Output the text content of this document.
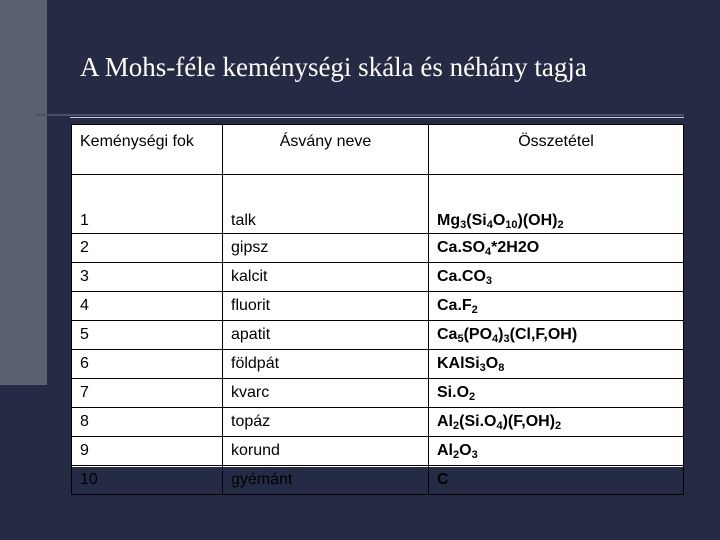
A Mohs-féle keménységi skála és néhány tagja
Keménységi fok	Ásvány neve	Összetétel
1	talk	$Mg_3(Si_4O_{10})(OH)_2$
2	gipsz	$Ca.SO_4*2H2O$
3	kalcit	$Ca.CO_3$
4	fluorit	$Ca.F_2$
5	apatit	$Ca_5(PO_4)_3(Cl,F,OH)$
6	földpát	$KAlSi_3O_8$
7	kvarc	$Si.O_2$
8	topáz	$Al_2(Si.O_4)(F,OH)_2$
9	korund	$Al_2O_3$
10	gyémánt	C
